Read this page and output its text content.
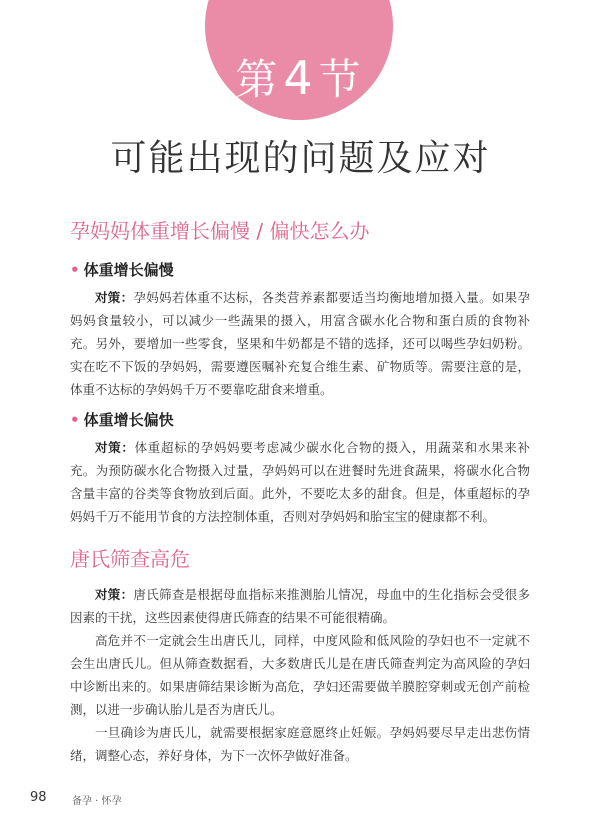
第4节
可能出现的问题及应对
孕妈妈体重增长偏慢 / 偏快怎么办
• 体重增长偏慢
对策：孕妈妈若体重不达标，各类营养素都要适当均衡地增加摄入量。如果孕妈妈食量较小，可以减少一些蔬果的摄入，用富含碳水化合物和蛋白质的食物补充。另外，要增加一些零食，坚果和牛奶都是不错的选择，还可以喝些孕妇奶粉。实在吃不下饭的孕妈妈，需要遵医嘱补充复合维生素、矿物质等。需要注意的是，体重不达标的孕妈妈千万不要靠吃甜食来增重。
• 体重增长偏快
对策：体重超标的孕妈妈要考虑减少碳水化合物的摄入，用蔬菜和水果来补充。为预防碳水化合物摄入过量，孕妈妈可以在进餐时先进食蔬果，将碳水化合物含量丰富的谷类等食物放到后面。此外，不要吃太多的甜食。但是，体重超标的孕妈妈千万不能用节食的方法控制体重，否则对孕妈妈和胎宝宝的健康都不利。
唐氏筛查高危
对策：唐氏筛查是根据母血指标来推测胎儿情况，母血中的生化指标会受很多因素的干扰，这些因素使得唐氏筛查的结果不可能很精确。
高危并不一定就会生出唐氏儿，同样，中度风险和低风险的孕妇也不一定就不会生出唐氏儿。但从筛查数据看，大多数唐氏儿是在唐氏筛查判定为高风险的孕妇中诊断出来的。如果唐筛结果诊断为高危，孕妇还需要做羊膜腔穿刺或无创产前检测，以进一步确认胎儿是否为唐氏儿。
一旦确诊为唐氏儿，就需要根据家庭意愿终止妊娠。孕妈妈要尽早走出悲伤情绪，调整心态，养好身体，为下一次怀孕做好准备。
98	备孕 · 怀孕
